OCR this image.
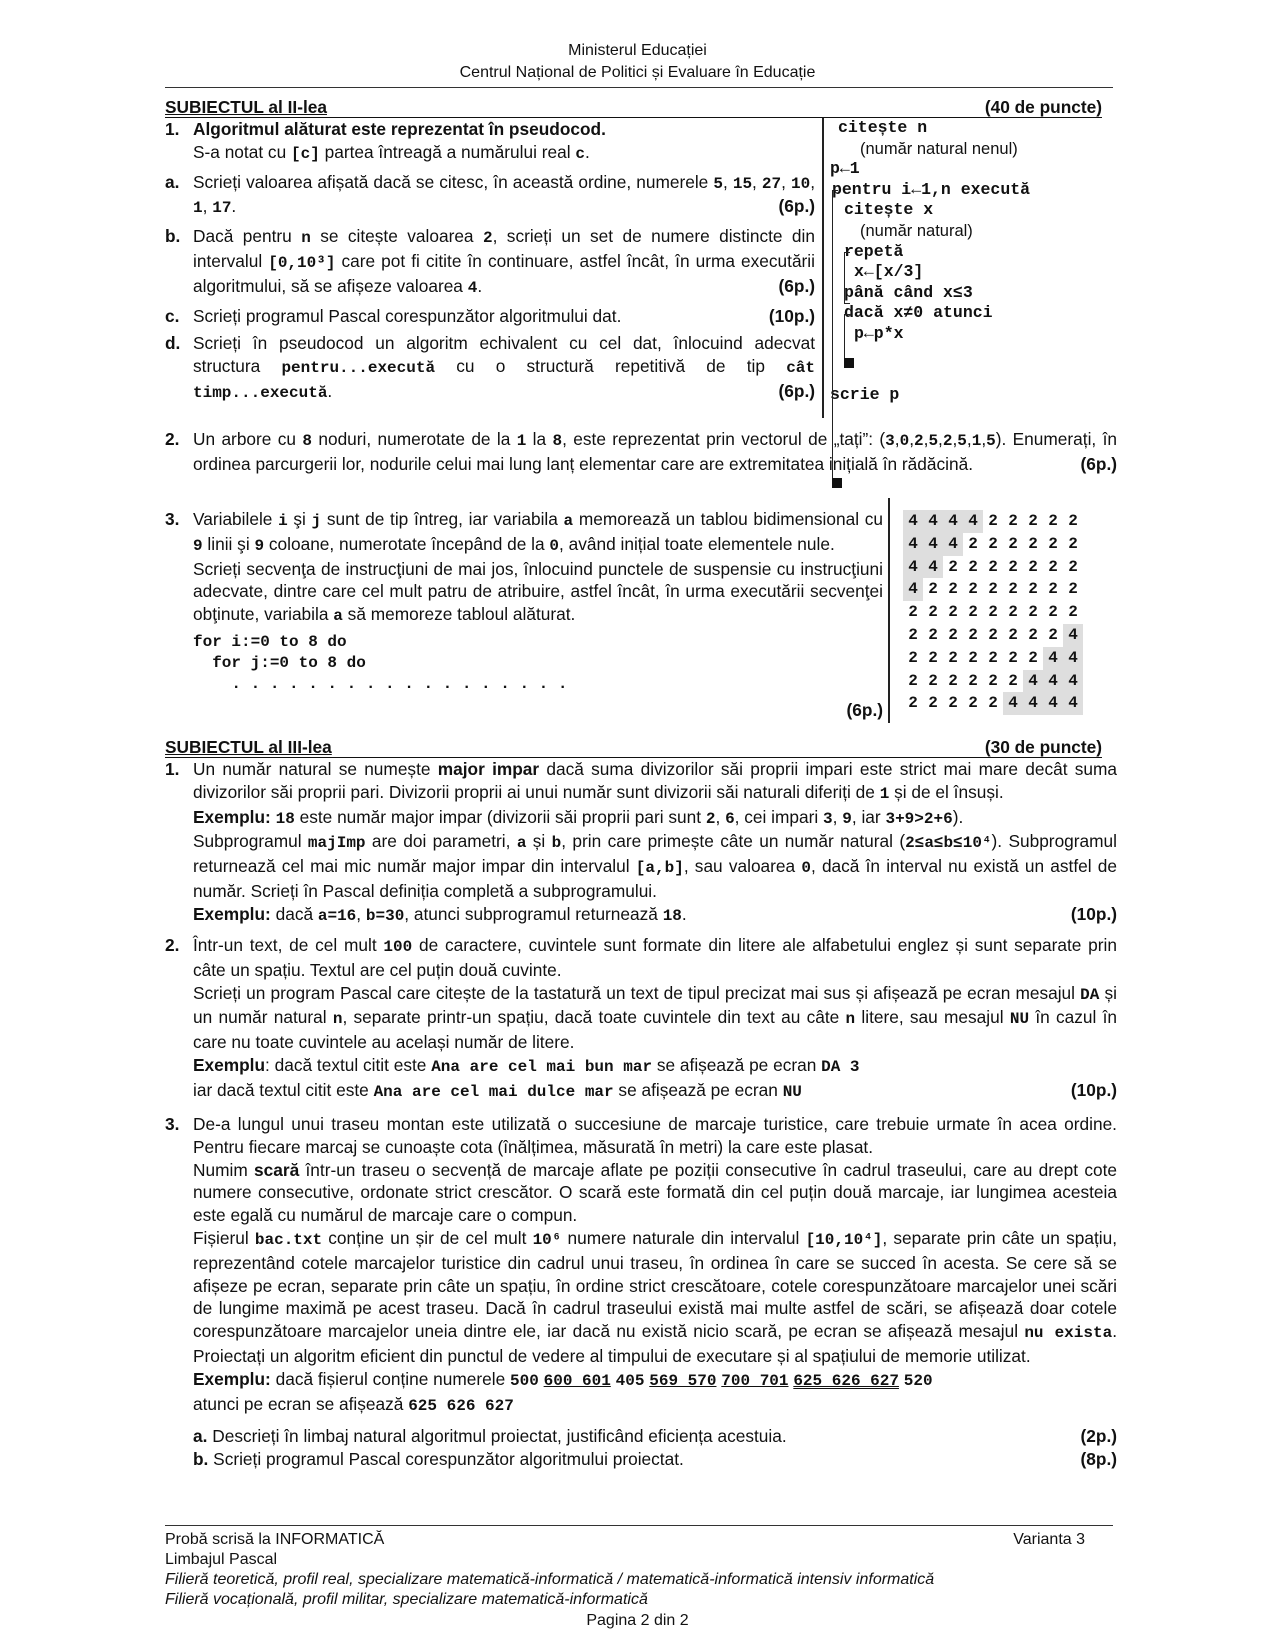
Ministerul Educației
Centrul Național de Politici și Evaluare în Educație
SUBIECTUL al II-lea	(40 de puncte)
1. Algoritmul alăturat este reprezentat în pseudocod.
S-a notat cu [c] partea întreagă a numărului real c.
a. Scrieți valoarea afișată dacă se citesc, în această ordine, numerele 5, 15, 27, 10, 1, 17.	(6p.)
b. Dacă pentru n se citește valoarea 2, scrieți un set de numere distincte din intervalul [0,10³] care pot fi citite în continuare, astfel încât, în urma executării algoritmului, să se afișeze valoarea 4.	(6p.)
c. Scrieți programul Pascal corespunzător algoritmului dat.	(10p.)
d. Scrieți în pseudocod un algoritm echivalent cu cel dat, înlocuind adecvat structura pentru...execută cu o structură repetitivă de tip cât timp...execută.	(6p.)
citește n
(număr natural nenul)
p←1
pentru i←1,n execută
citește x
(număr natural)
repetă
x←[x/3]
până când x≤3
dacă x≠0 atunci
p←p*x
scrie p
2. Un arbore cu 8 noduri, numerotate de la 1 la 8, este reprezentat prin vectorul de „tați”: (3,0,2,5,2,5,1,5). Enumerați, în ordinea parcurgerii lor, nodurile celui mai lung lanț elementar care are extremitatea inițială în rădăcină.	(6p.)
3. Variabilele i şi j sunt de tip întreg, iar variabila a memorează un tablou bidimensional cu 9 linii şi 9 coloane, numerotate începând de la 0, având inițial toate elementele nule.
Scrieți secvenţa de instrucţiuni de mai jos, înlocuind punctele de suspensie cu instrucţiuni adecvate, dintre care cel mult patru de atribuire, astfel încât, în urma executării secvenţei obţinute, variabila a să memoreze tabloul alăturat.
for i:=0 to 8 do
for j:=0 to 8 do
. . . . . . . . . . . . . . . . . .
(6p.)
4	4	4	4	2	2	2	2	2
4	4	4	2	2	2	2	2	2
4	4	2	2	2	2	2	2	2
4	2	2	2	2	2	2	2	2
2	2	2	2	2	2	2	2	2
2	2	2	2	2	2	2	2	4
2	2	2	2	2	2	2	4	4
2	2	2	2	2	2	4	4	4
2	2	2	2	2	4	4	4	4
SUBIECTUL al III-lea	(30 de puncte)
1. Un număr natural se numește major impar dacă suma divizorilor săi proprii impari este strict mai mare decât suma divizorilor săi proprii pari. Divizorii proprii ai unui număr sunt divizorii săi naturali diferiți de 1 și de el însuși.
Exemplu: 18 este număr major impar (divizorii săi proprii pari sunt 2, 6, cei impari 3, 9, iar 3+9>2+6).
Subprogramul majImp are doi parametri, a și b, prin care primește câte un număr natural (2≤a≤b≤10⁴). Subprogramul returnează cel mai mic număr major impar din intervalul [a,b], sau valoarea 0, dacă în interval nu există un astfel de număr. Scrieți în Pascal definiția completă a subprogramului.
Exemplu: dacă a=16, b=30, atunci subprogramul returnează 18.	(10p.)
2. Într-un text, de cel mult 100 de caractere, cuvintele sunt formate din litere ale alfabetului englez și sunt separate prin câte un spațiu. Textul are cel puțin două cuvinte.
Scrieți un program Pascal care citește de la tastatură un text de tipul precizat mai sus și afișează pe ecran mesajul DA și un număr natural n, separate printr-un spațiu, dacă toate cuvintele din text au câte n litere, sau mesajul NU în cazul în care nu toate cuvintele au același număr de litere.
Exemplu: dacă textul citit este Ana are cel mai bun mar se afișează pe ecran DA 3
iar dacă textul citit este Ana are cel mai dulce mar se afișează pe ecran NU	(10p.)
3. De-a lungul unui traseu montan este utilizată o succesiune de marcaje turistice, care trebuie urmate în acea ordine. Pentru fiecare marcaj se cunoaște cota (înălțimea, măsurată în metri) la care este plasat.
Numim scară într-un traseu o secvență de marcaje aflate pe poziții consecutive în cadrul traseului, care au drept cote numere consecutive, ordonate strict crescător. O scară este formată din cel puțin două marcaje, iar lungimea acesteia este egală cu numărul de marcaje care o compun.
Fișierul bac.txt conține un șir de cel mult 10⁶ numere naturale din intervalul [10,10⁴], separate prin câte un spațiu, reprezentând cotele marcajelor turistice din cadrul unui traseu, în ordinea în care se succed în acesta. Se cere să se afișeze pe ecran, separate prin câte un spațiu, în ordine strict crescătoare, cotele corespunzătoare marcajelor unei scări de lungime maximă pe acest traseu. Dacă în cadrul traseului există mai multe astfel de scări, se afișează doar cotele corespunzătoare marcajelor uneia dintre ele, iar dacă nu există nicio scară, pe ecran se afișează mesajul nu exista. Proiectați un algoritm eficient din punctul de vedere al timpului de executare și al spațiului de memorie utilizat.
Exemplu: dacă fișierul conține numerele 500 600 601 405 569 570 700 701 625 626 627 520
atunci pe ecran se afișează 625 626 627
a. Descrieți în limbaj natural algoritmul proiectat, justificând eficiența acestuia.	(2p.)
b. Scrieți programul Pascal corespunzător algoritmului proiectat.	(8p.)
Probă scrisă la INFORMATICĂ	Varianta 3
Limbajul Pascal
Filieră teoretică, profil real, specializare matematică-informatică / matematică-informatică intensiv informatică
Filieră vocațională, profil militar, specializare matematică-informatică
Pagina 2 din 2
